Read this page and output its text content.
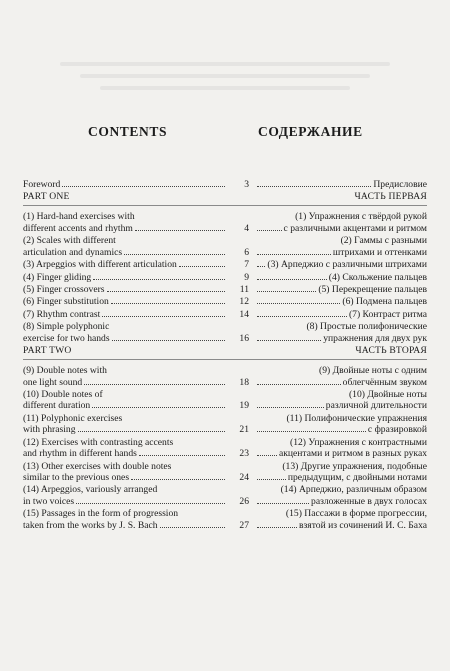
CONTENTS	СОДЕРЖАНИЕ
Foreword	3	Предисловие
PART ONE	ЧАСТЬ ПЕРВАЯ
(1) Hard-hand exercises with
different accents and rhythm	4
(1) Упражнения с твёрдой рукой
с различными акцентами и ритмом
(2) Scales with different
articulation and dynamics	6
(2) Гаммы с разными
штрихами и оттенками
(3) Arpeggios with different articulation	7 (3) Арпеджио с различными штрихами
(4) Finger gliding	9	(4) Скольжение пальцев
(5) Finger crossovers	11	(5) Перекрещение пальцев
(6) Finger substitution	12	(6) Подмена пальцев
(7) Rhythm contrast	14	(7) Контраст ритма
(8) Simple polyphonic
exercise for two hands	16
(8) Простые полифонические
упражнения для двух рук
PART TWO	ЧАСТЬ ВТОРАЯ
(9) Double notes with
one light sound	18
(9) Двойные ноты с одним
облегчённым звуком
(10) Double notes of
different duration	19
(10) Двойные ноты
различной длительности
(11) Polyphonic exercises
with phrasing	21
(11) Полифонические упражнения
с фразировкой
(12) Exercises with contrasting accents
and rhythm in different hands	23
(12) Упражнения с контрастными
акцентами и ритмом в разных руках
(13) Other exercises with double notes
similar to the previous ones	24
(13) Другие упражнения, подобные
предыдущим, с двойными нотами
(14) Arpeggios, variously arranged
in two voices	26
(14) Арпеджио, различным образом
разложенные в двух голосах
(15) Passages in the form of progression
taken from the works by J. S. Bach	27
(15) Пассажи в форме прогрессии,
взятой из сочинений И. С. Баха
